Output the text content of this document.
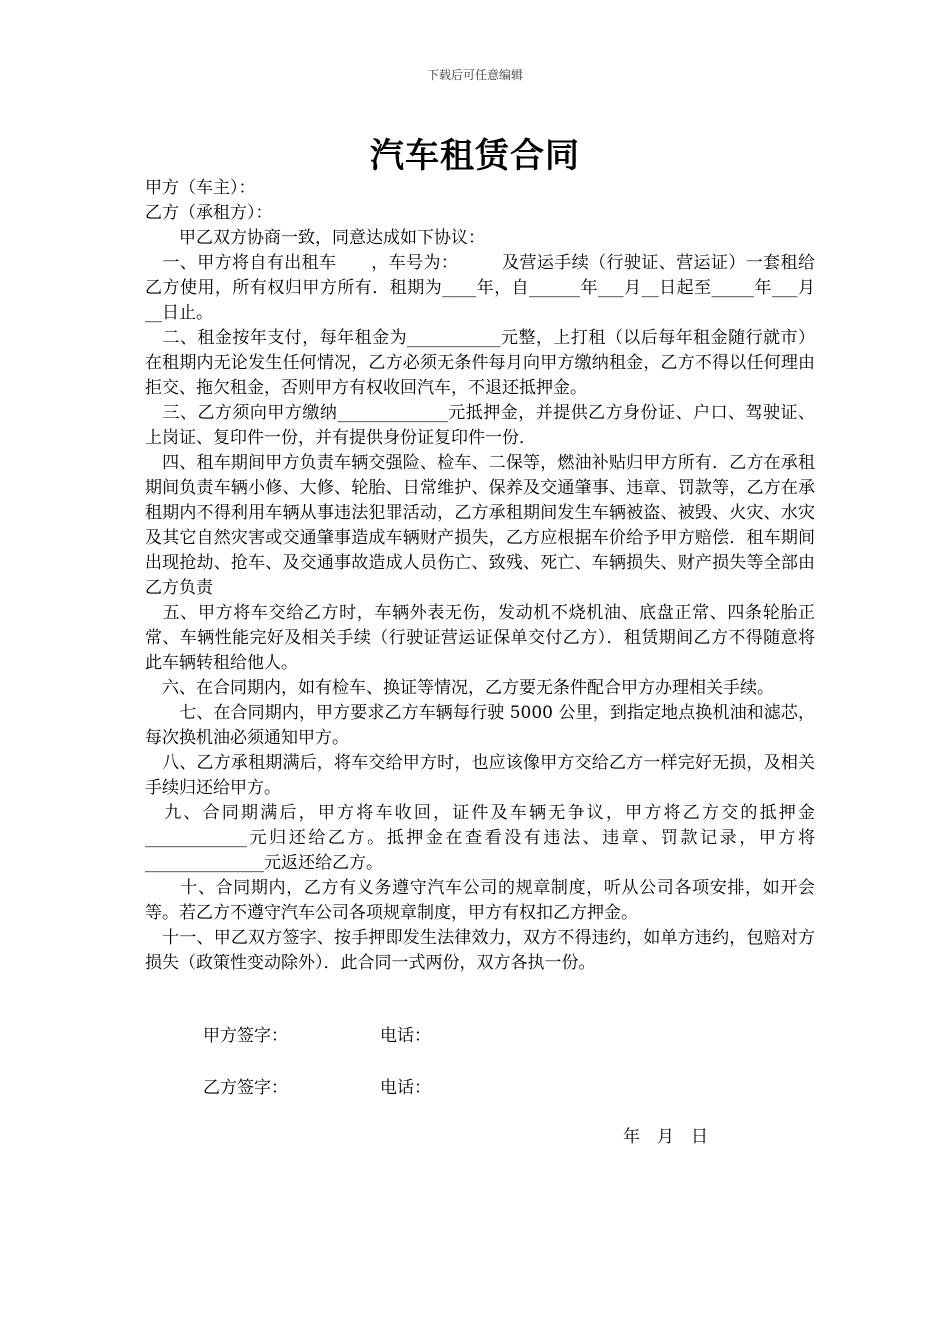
下载后可任意编辑
汽车租赁合同

甲方（车主）：

乙方（承租方）：

　　甲乙双方协商一致，同意达成如下协议：

　一、甲方将自有出租车　　，车号为：　　　及营运手续（行驶证、营运证）一套租给乙方使用，所有权归甲方所有．租期为____年，自______年___月__日起至_____年___月__日止。

　二、租金按年支付，每年租金为___________元整，上打租（以后每年租金随行就市）在租期内无论发生任何情况，乙方必须无条件每月向甲方缴纳租金，乙方不得以任何理由拒交、拖欠租金，否则甲方有权收回汽车，不退还抵押金。

　三、乙方须向甲方缴纳_____________元抵押金，并提供乙方身份证、户口、驾驶证、上岗证、复印件一份，并有提供身份证复印件一份．

　四、租车期间甲方负责车辆交强险、检车、二保等，燃油补贴归甲方所有．乙方在承租期间负责车辆小修、大修、轮胎、日常维护、保养及交通肇事、违章、罚款等，乙方在承租期内不得利用车辆从事违法犯罪活动，乙方承租期间发生车辆被盗、被毁、火灾、水灾及其它自然灾害或交通肇事造成车辆财产损失，乙方应根据车价给予甲方赔偿．租车期间出现抢劫、抢车、及交通事故造成人员伤亡、致残、死亡、车辆损失、财产损失等全部由乙方负责

　五、甲方将车交给乙方时，车辆外表无伤，发动机不烧机油、底盘正常、四条轮胎正常、车辆性能完好及相关手续（行驶证营运证保单交付乙方）．租赁期间乙方不得随意将此车辆转租给他人。

　六、在合同期内，如有检车、换证等情况，乙方要无条件配合甲方办理相关手续。

　　七、在合同期内，甲方要求乙方车辆每行驶 5000 公里，到指定地点换机油和滤芯，每次换机油必须通知甲方。

　八、乙方承租期满后，将车交给甲方时，也应该像甲方交给乙方一样完好无损，及相关手续归还给甲方。

　九、合同期满后，甲方将车收回，证件及车辆无争议，甲方将乙方交的抵押金____________元归还给乙方。抵押金在查看没有违法、违章、罚款记录，甲方将______________元返还给乙方。

　　十、合同期内，乙方有义务遵守汽车公司的规章制度，听从公司各项安排，如开会等。若乙方不遵守汽车公司各项规章制度，甲方有权扣乙方押金。

　十一、甲乙双方签字、按手押即发生法律效力，双方不得违约，如单方违约，包赔对方损失（政策性变动除外）．此合同一式两份，双方各执一份。

甲方签字：	电话：
乙方签字：	电话：
年　月　日
